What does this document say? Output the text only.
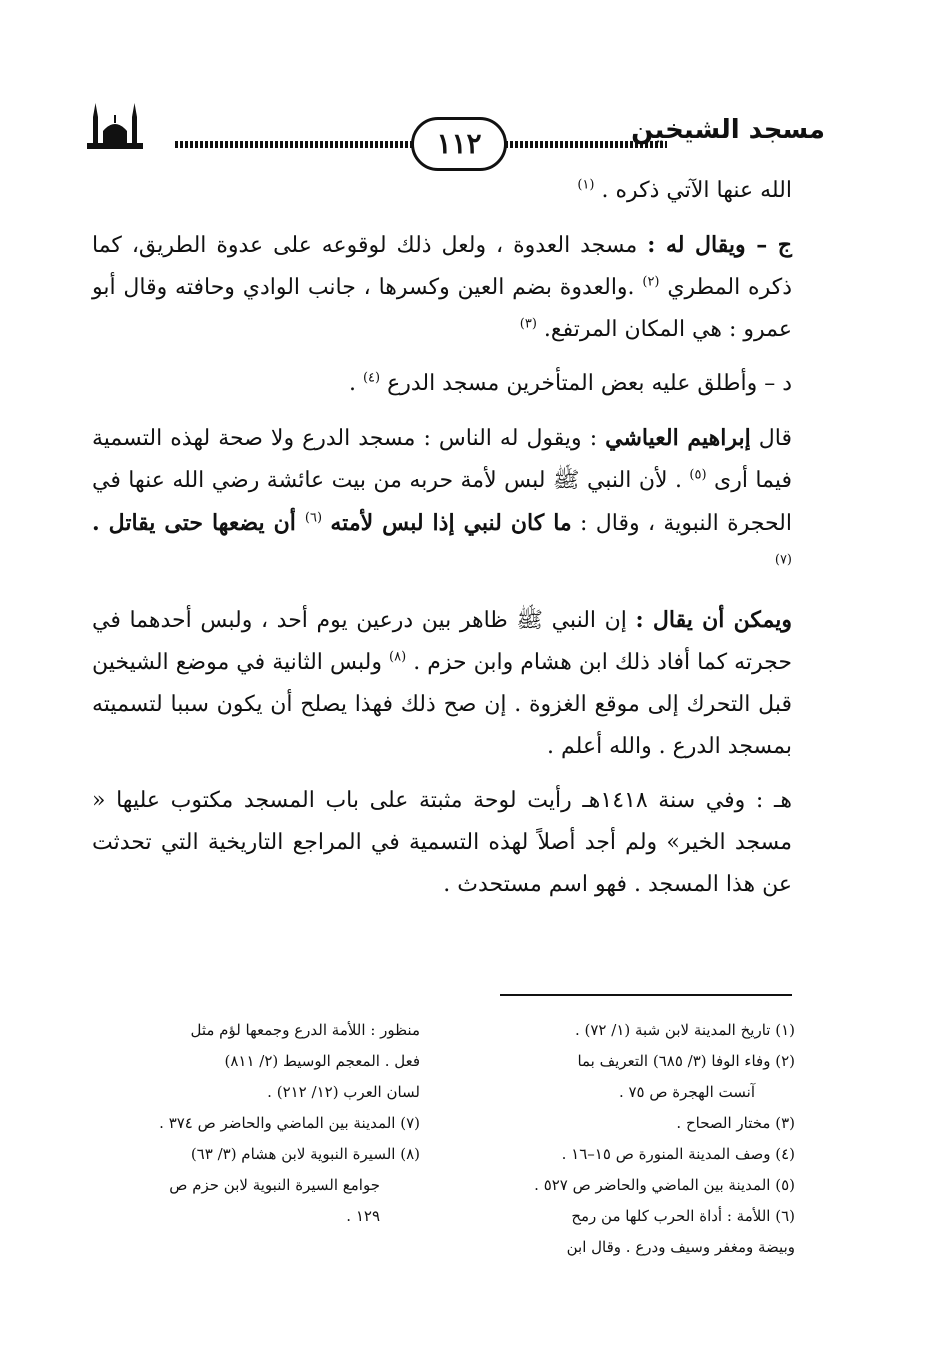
١١٢	مسجد الشيخين

الله عنها الآتي ذكره . $^{(١)}$

ج – ويقال له : مسجد العدوة ، ولعل ذلك لوقوعه على عدوة الطريق، كما ذكره المطري $^{(٢)}$ .والعدوة بضم العين وكسرها ، جانب الوادي وحافته وقال أبو عمرو : هي المكان المرتفع. $^{(٣)}$

د – وأطلق عليه بعض المتأخرين مسجد الدرع $^{(٤)}$ .

قال إبراهيم العياشي : ويقول له الناس : مسجد الدرع ولا صحة لهذه التسمية فيما أرى $^{(٥)}$ . لأن النبي ﷺ لبس لأمة حربه من بيت عائشة رضي الله عنها في الحجرة النبوية ، وقال : ما كان لنبي إذا لبس لأمته $^{(٦)}$ أن يضعها حتى يقاتل . $^{(٧)}$

ويمكن أن يقال : إن النبي ﷺ ظاهر بين درعين يوم أحد ، ولبس أحدهما في حجرته كما أفاد ذلك ابن هشام وابن حزم . $^{(٨)}$ ولبس الثانية في موضع الشيخين قبل التحرك إلى موقع الغزوة . إن صح ذلك فهذا يصلح أن يكون سببا لتسميته بمسجد الدرع . والله أعلم .

هـ : وفي سنة ١٤١٨هـ رأيت لوحة مثبتة على باب المسجد مكتوب عليها « مسجد الخير» ولم أجد أصلاً لهذه التسمية في المراجع التاريخية التي تحدثت عن هذا المسجد . فهو اسم مستحدث .

(١) تاريخ المدينة لابن شبة (١/ ٧٢) .
(٢) وفاء الوفا (٣/ ٦٨٥) التعريف بما
آنست الهجرة ص ٧٥ .
(٣) مختار الصحاح .
(٤) وصف المدينة المنورة ص ١٥–١٦ .
(٥) المدينة بين الماضي والحاضر ص ٥٢٧ .
(٦) اللأمة : أداة الحرب كلها من رمح
وبيضة ومغفر وسيف ودرع . وقال ابن
منظور : اللأمة الدرع وجمعها لؤم مثل
فعل . المعجم الوسيط (٢/ ٨١١)
لسان العرب (١٢/ ٢١٢) .
(٧) المدينة بين الماضي والحاضر ص ٣٧٤ .
(٨) السيرة النبوية لابن هشام (٣/ ٦٣)
جوامع السيرة النبوية لابن حزم ص
١٢٩ .
